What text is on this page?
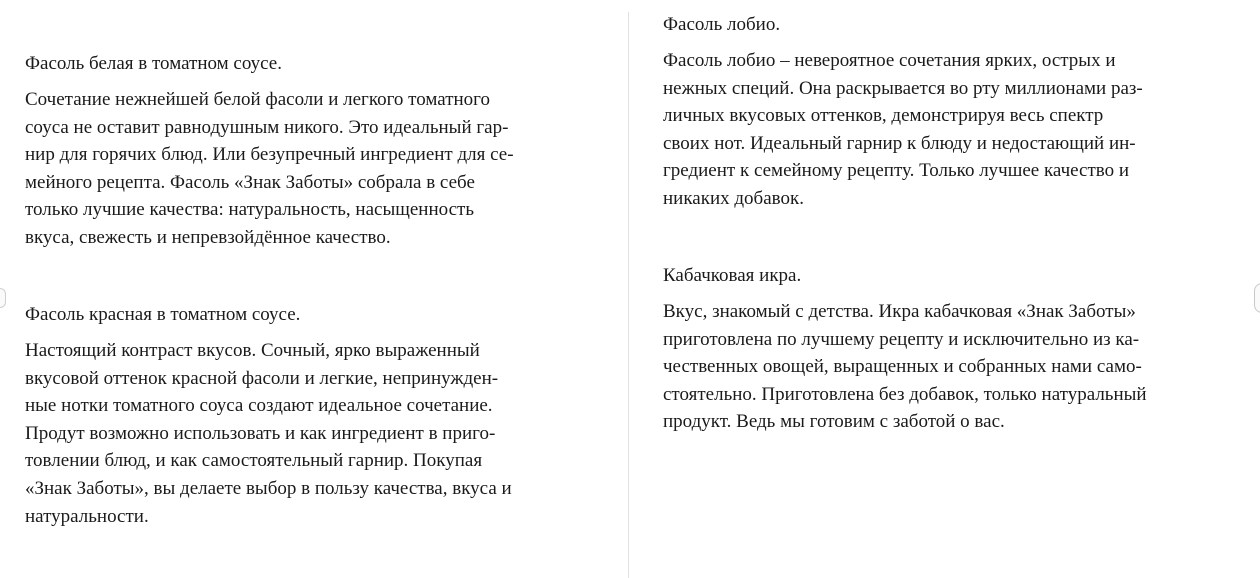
Фасоль белая в томатном соусе.

Сочетание нежнейшей белой фасоли и легкого томатного
соуса не оставит равнодушным никого. Это идеальный гар-
нир для горячих блюд. Или безупречный ингредиент для се-
мейного рецепта. Фасоль «Знак Заботы» собрала в себе
только лучшие качества: натуральность, насыщенность
вкуса, свежесть и непревзойдённое качество.

Фасоль красная в томатном соусе.

Настоящий контраст вкусов. Сочный, ярко выраженный
вкусовой оттенок красной фасоли и легкие, непринужден-
ные нотки томатного соуса создают идеальное сочетание.
Продут возможно использовать и как ингредиент в приго-
товлении блюд, и как самостоятельный гарнир. Покупая
«Знак Заботы», вы делаете выбор в пользу качества, вкуса и
натуральности.

Фасоль лобио.

Фасоль лобио – невероятное сочетания ярких, острых и
нежных специй. Она раскрывается во рту миллионами раз-
личных вкусовых оттенков, демонстрируя весь спектр
своих нот. Идеальный гарнир к блюду и недостающий ин-
гредиент к семейному рецепту. Только лучшее качество и
никаких добавок.

Кабачковая икра.

Вкус, знакомый с детства. Икра кабачковая «Знак Заботы»
приготовлена по лучшему рецепту и исключительно из ка-
чественных овощей, выращенных и собранных нами само-
стоятельно. Приготовлена без добавок, только натуральный
продукт. Ведь мы готовим с заботой о вас.
